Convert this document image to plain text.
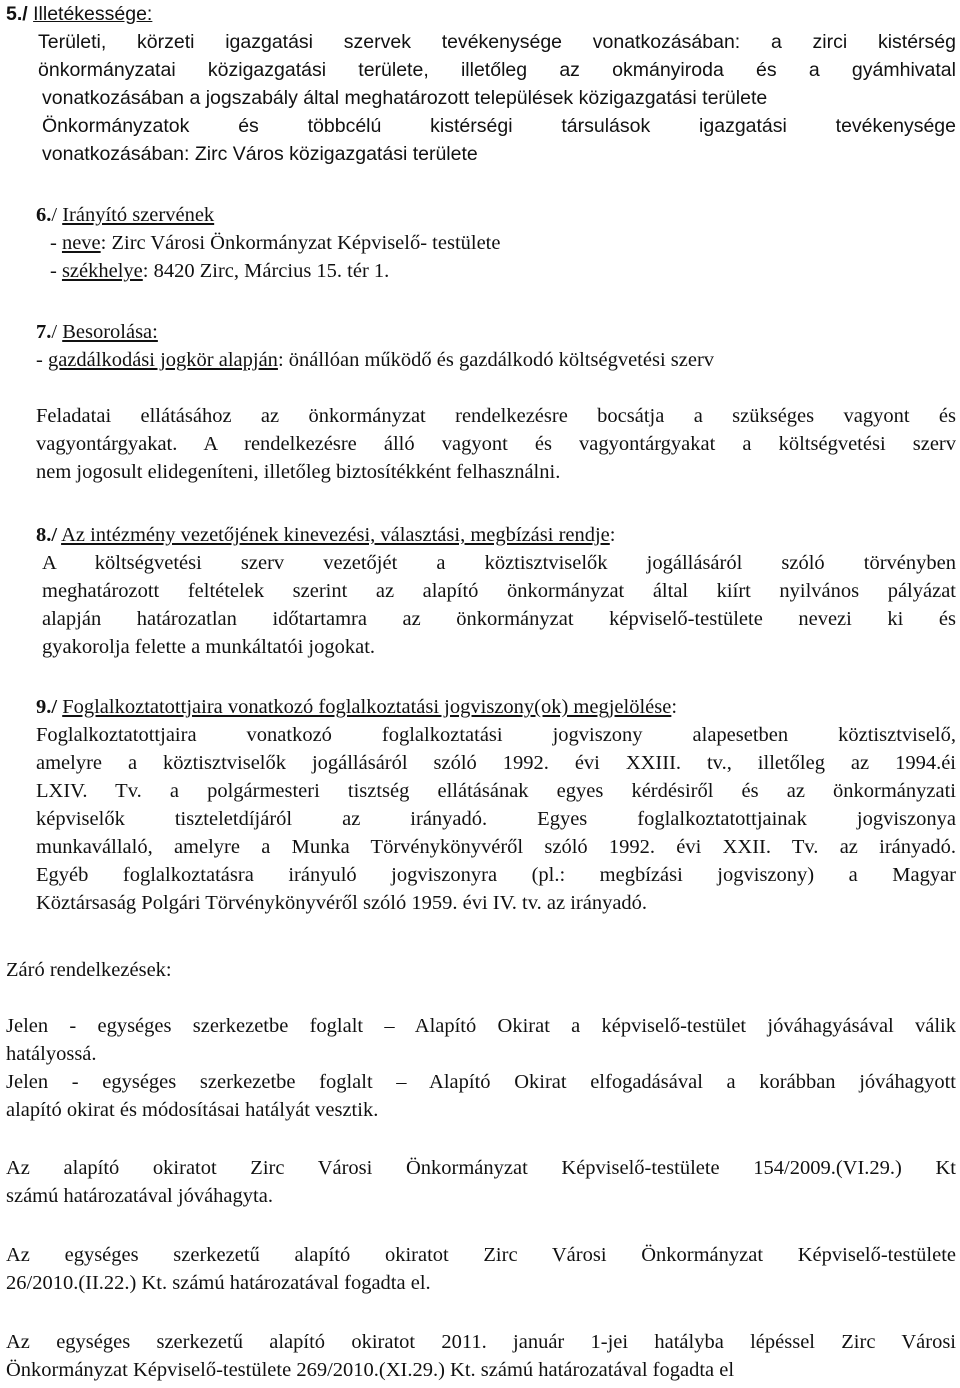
5./ Illetékessége:
Területi, körzeti igazgatási szervek tevékenysége vonatkozásában: a zirci kistérség
önkormányzatai közigazgatási területe, illetőleg az okmányiroda és a gyámhivatal
vonatkozásában a jogszabály által meghatározott települések közigazgatási területe
Önkormányzatok és többcélú kistérségi társulások igazgatási tevékenysége
vonatkozásában: Zirc Város közigazgatási területe
6./ Irányító szervének
- neve: Zirc Városi Önkormányzat Képviselő- testülete
- székhelye: 8420 Zirc, Március 15. tér 1.
7./ Besorolása:
- gazdálkodási jogkör alapján: önállóan működő és gazdálkodó költségvetési szerv
Feladatai ellátásához az önkormányzat rendelkezésre bocsátja a szükséges vagyont és
vagyontárgyakat. A rendelkezésre álló vagyont és vagyontárgyakat a költségvetési szerv
nem jogosult elidegeníteni, illetőleg biztosítékként felhasználni.
8./ Az intézmény vezetőjének kinevezési, választási, megbízási rendje:
A költségvetési szerv vezetőjét a köztisztviselők jogállásáról szóló törvényben
meghatározott feltételek szerint az alapító önkormányzat által kiírt nyilvános pályázat
alapján határozatlan időtartamra az önkormányzat képviselő-testülete nevezi ki és
gyakorolja felette a munkáltatói jogokat.
9./ Foglalkoztatottjaira vonatkozó foglalkoztatási jogviszony(ok) megjelölése:
Foglalkoztatottjaira vonatkozó foglalkoztatási jogviszony alapesetben köztisztviselő,
amelyre a köztisztviselők jogállásáról szóló 1992. évi XXIII. tv., illetőleg az 1994.éi
LXIV. Tv. a polgármesteri tisztség ellátásának egyes kérdésiről és az önkormányzati
képviselők tiszteletdíjáról az irányadó. Egyes foglalkoztatottjainak jogviszonya
munkavállaló, amelyre a Munka Törvénykönyvéről szóló 1992. évi XXII. Tv. az irányadó.
Egyéb foglalkoztatásra irányuló jogviszonyra (pl.: megbízási jogviszony) a Magyar
Köztársaság Polgári Törvénykönyvéről szóló 1959. évi IV. tv. az irányadó.
Záró rendelkezések:
Jelen - egységes szerkezetbe foglalt – Alapító Okirat a képviselő-testület jóváhagyásával válik
hatályossá.
Jelen - egységes szerkezetbe foglalt – Alapító Okirat elfogadásával a korábban jóváhagyott
alapító okirat és módosításai hatályát vesztik.
Az alapító okiratot Zirc Városi Önkormányzat Képviselő-testülete 154/2009.(VI.29.) Kt
számú határozatával jóváhagyta.
Az egységes szerkezetű alapító okiratot Zirc Városi Önkormányzat Képviselő-testülete
26/2010.(II.22.) Kt. számú határozatával fogadta el.
Az egységes szerkezetű alapító okiratot 2011. január 1-jei hatályba lépéssel Zirc Városi
Önkormányzat Képviselő-testülete 269/2010.(XI.29.) Kt. számú határozatával fogadta el
